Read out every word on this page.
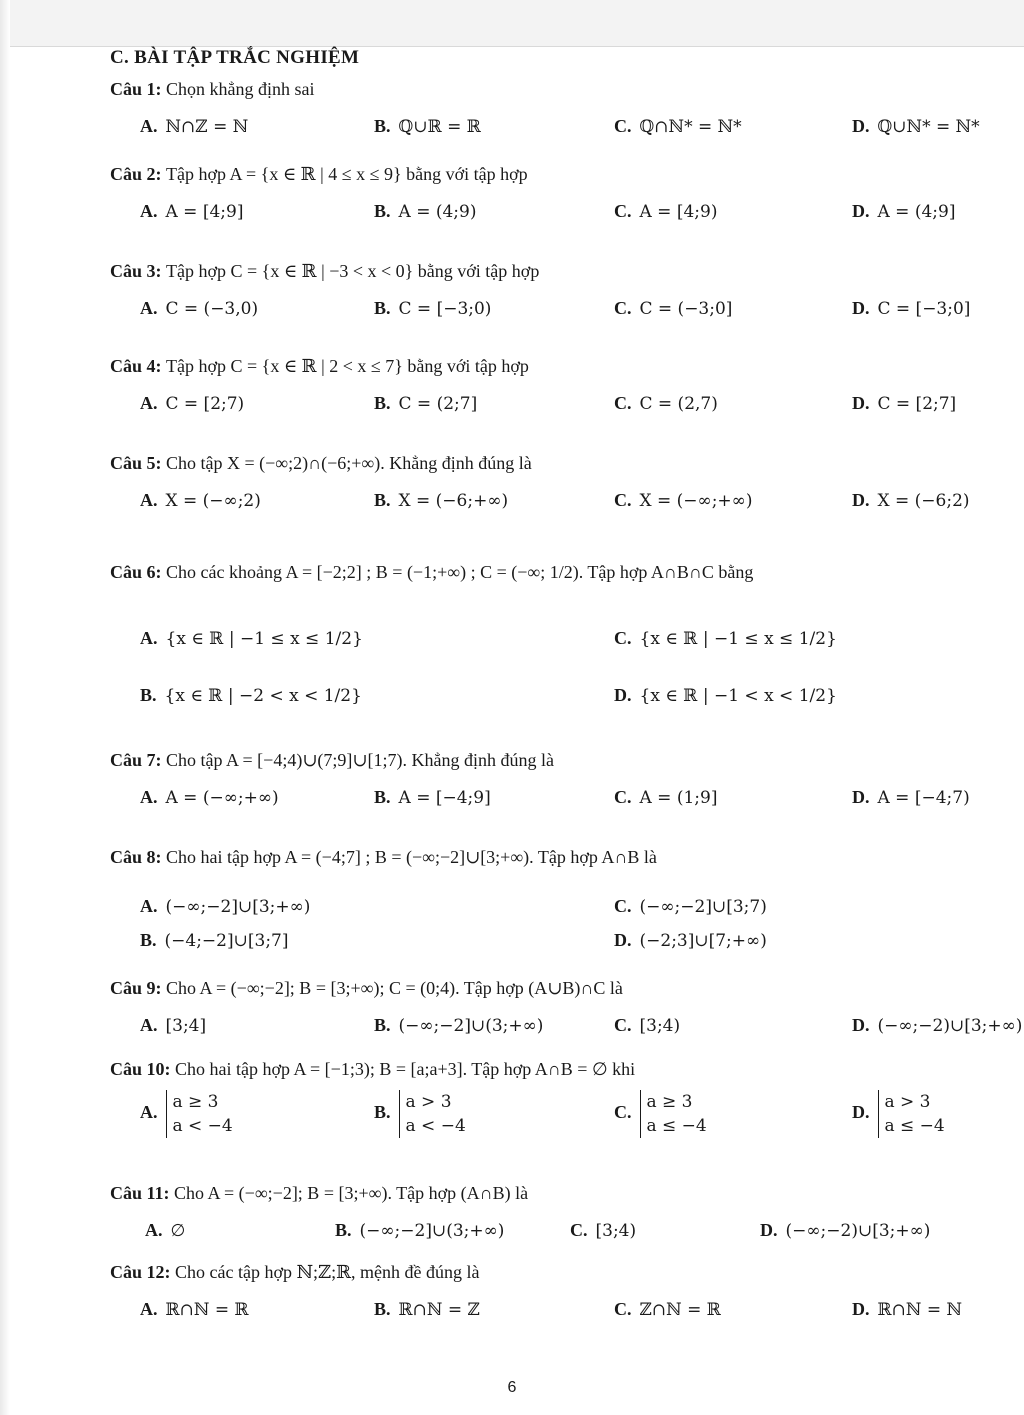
C. BÀI TẬP TRẮC NGHIỆM
Câu 1: Chọn khẳng định sai
A. ℕ∩ℤ = ℕ	B. ℚ∪ℝ = ℝ	C. ℚ∩ℕ* = ℕ*	D. ℚ∪ℕ* = ℕ*
Câu 2: Tập hợp A = {x ∈ ℝ | 4 ≤ x ≤ 9} bằng với tập hợp
A. A = [4;9]	B. A = (4;9)	C. A = [4;9)	D. A = (4;9]
Câu 3: Tập hợp C = {x ∈ ℝ | −3 < x < 0} bằng với tập hợp
A. C = (−3,0)	B. C = [−3;0)	C. C = (−3;0]	D. C = [−3;0]
Câu 4: Tập hợp C = {x ∈ ℝ | 2 < x ≤ 7} bằng với tập hợp
A. C = [2;7)	B. C = (2;7]	C. C = (2,7)	D. C = [2;7]
Câu 5: Cho tập X = (−∞;2)∩(−6;+∞). Khẳng định đúng là
A. X = (−∞;2)	B. X = (−6;+∞)	C. X = (−∞;+∞)	D. X = (−6;2)
Câu 6: Cho các khoảng A = [−2;2] ; B = (−1;+∞) ; C = (−∞; 1/2). Tập hợp A∩B∩C bằng
A. {x ∈ ℝ | −1 ≤ x ≤ 1/2}	C. {x ∈ ℝ | −1 ≤ x ≤ 1/2}
B. {x ∈ ℝ | −2 < x < 1/2}	D. {x ∈ ℝ | −1 < x < 1/2}
Câu 7: Cho tập A = [−4;4)∪(7;9]∪[1;7). Khẳng định đúng là
A. A = (−∞;+∞)	B. A = [−4;9]	C. A = (1;9]	D. A = [−4;7)
Câu 8: Cho hai tập hợp A = (−4;7] ; B = (−∞;−2]∪[3;+∞). Tập hợp A∩B là
A. (−∞;−2]∪[3;+∞)	C. (−∞;−2]∪[3;7)
B. (−4;−2]∪[3;7]	D. (−2;3]∪[7;+∞)
Câu 9: Cho A = (−∞;−2]; B = [3;+∞); C = (0;4). Tập hợp (A∪B)∩C là
A. [3;4]	B. (−∞;−2]∪(3;+∞)	C. [3;4)	D. (−∞;−2)∪[3;+∞)
Câu 10: Cho hai tập hợp A = [−1;3); B = [a;a+3]. Tập hợp A∩B = ∅ khi
A.
a ≥ 3
a < −4
B.
a > 3
a < −4
C.
a ≥ 3
a ≤ −4
D.
a > 3
a ≤ −4
Câu 11: Cho A = (−∞;−2]; B = [3;+∞). Tập hợp (A∩B) là
A. ∅	B. (−∞;−2]∪(3;+∞)	C. [3;4)	D. (−∞;−2)∪[3;+∞)
Câu 12: Cho các tập hợp ℕ;ℤ;ℝ, mệnh đề đúng là
A. ℝ∩ℕ = ℝ	B. ℝ∩ℕ = ℤ	C. ℤ∩ℕ = ℝ	D. ℝ∩ℕ = ℕ
6
